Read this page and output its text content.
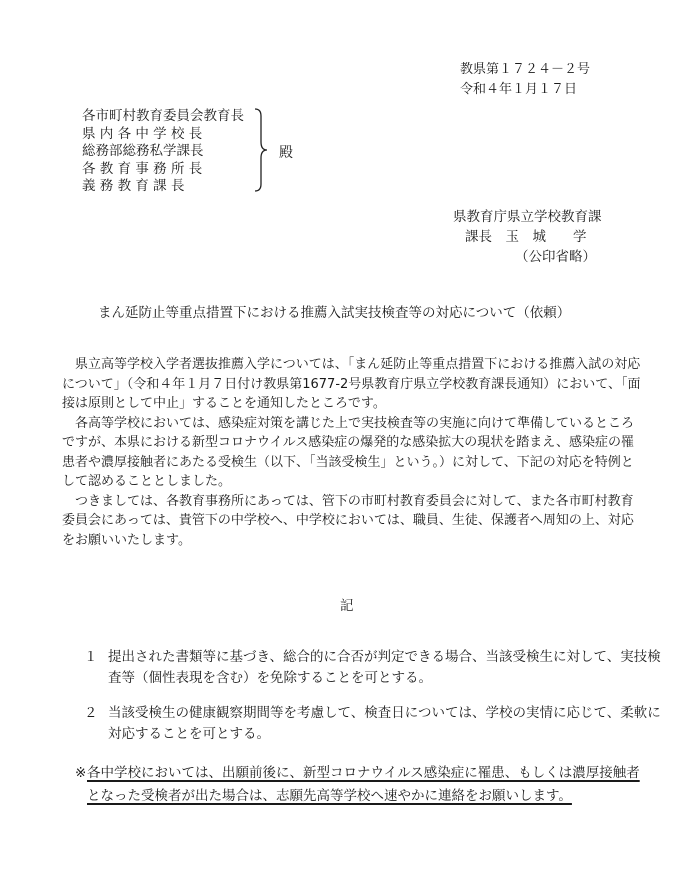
教県第１７２４－２号
令和４年１月１７日
各市町村教育委員会教育長
県 内 各 中 学 校 長
総務部総務私学課長
各 教 育 事 務 所 長
義 務 教 育 課 長
殿
県教育庁県立学校教育課
課長　玉　城　　学
（公印省略）
まん延防止等重点措置下における推薦入試実技検査等の対応について（依頼）

県立高等学校入学者選抜推薦入学については、「まん延防止等重点措置下における推薦入試の対応について」（令和４年１月７日付け教県第1677-2号県教育庁県立学校教育課長通知）において、「面接は原則として中止」することを通知したところです。

各高等学校においては、感染症対策を講じた上で実技検査等の実施に向けて準備しているところですが、本県における新型コロナウイルス感染症の爆発的な感染拡大の現状を踏まえ、感染症の罹患者や濃厚接触者にあたる受検生（以下、「当該受検生」という。）に対して、下記の対応を特例として認めることとしました。

つきましては、各教育事務所にあっては、管下の市町村教育委員会に対して、また各市町村教育委員会にあっては、貴管下の中学校へ、中学校においては、職員、生徒、保護者へ周知の上、対応をお願いいたします。

記
１ 提出された書類等に基づき、総合的に合否が判定できる場合、当該受検生に対して、実技検査等（個性表現を含む）を免除することを可とする。
２ 当該受検生の健康観察期間等を考慮して、検査日については、学校の実情に応じて、柔軟に対応することを可とする。
※ 各中学校においては、出願前後に、新型コロナウイルス感染症に罹患、もしくは濃厚接触者となった受検者が出た場合は、志願先高等学校へ速やかに連絡をお願いします。
